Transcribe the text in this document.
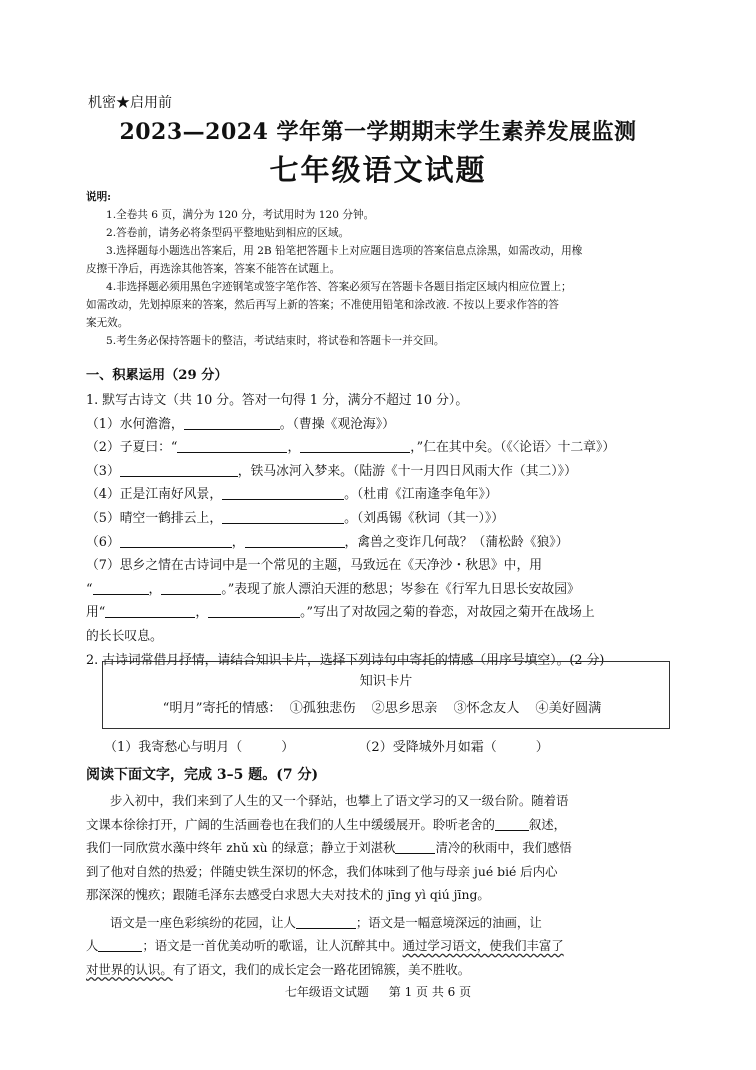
机密★启用前
2023—2024 学年第一学期期末学生素养发展监测
七年级语文试题
说明:

1.全卷共 6 页，满分为 120 分，考试用时为 120 分钟。

2.答卷前，请务必将条型码平整地贴到相应的区域。

3.选择题每小题选出答案后，用 2B 铅笔把答题卡上对应题目选项的答案信息点涂黑，如需改动，用橡

皮擦干净后，再选涂其他答案，答案不能答在试题上。

4.非选择题必须用黑色字迹钢笔或签字笔作答、答案必须写在答题卡各题目指定区域内相应位置上；

如需改动，先划掉原来的答案，然后再写上新的答案；不准使用铅笔和涂改液. 不按以上要求作答的答

案无效。

5.考生务必保持答题卡的整洁，考试结束时，将试卷和答题卡一并交回。

一、积累运用（29 分）
1. 默写古诗文（共 10 分。答对一句得 1 分，满分不超过 10 分）。
（1）水何澹澹，	。（曹操《观沧海》）
（2）子夏曰：“	，	，”仁在其中矣。（《〈论语〉十二章》）
（3）	，铁马冰河入梦来。（陆游《十一月四日风雨大作（其二）》）
（4）正是江南好风景，	。（杜甫《江南逢李龟年》）
（5）晴空一鹤排云上，	。（刘禹锡《秋词（其一）》）
（6）	，	，禽兽之变诈几何哉？（蒲松龄《狼》）
（7）思乡之情在古诗词中是一个常见的主题，马致远在《天净沙・秋思》中，用
“	，	。”表现了旅人漂泊天涯的愁思；岑参在《行军九日思长安故园》
用“	，	。”写出了对故园之菊的眷恋，对故园之菊开在战场上
的长长叹息。
2. 古诗词常借月抒情，请结合知识卡片，选择下列诗句中寄托的情感（用序号填空）。(2 分)
知识卡片
“明月”寄托的情感： ①孤独悲伤 ②思乡思亲 ③怀念友人 ④美好圆满
（1）我寄愁心与明月（　　　）	（2）受降城外月如霜（　　　）
阅读下面文字，完成 3–5 题。(7 分)
步入初中，我们来到了人生的又一个驿站，也攀上了语文学习的又一级台阶。随着语
文课本徐徐打开，广阔的生活画卷也在我们的人生中缓缓展开。聆听老舍的	叙述，
我们一同欣赏水藻中终年 zhǔ xù 的绿意；静立于刘湛秋	清冷的秋雨中，我们感悟
到了他对自然的热爱；伴随史铁生深切的怀念，我们体味到了他与母亲 jué bié 后内心
那深深的愧疚；跟随毛泽东去感受白求恩大夫对技术的 jīng yì qiú jīng。
语文是一座色彩缤纷的花园，让人	；语文是一幅意境深远的油画，让
人	；语文是一首优美动听的歌谣，让人沉醉其中。通过学习语文，使我们丰富了
对世界的认识。有了语文，我们的成长定会一路花团锦簇，美不胜收。
七年级语文试题 第 1 页 共 6 页
